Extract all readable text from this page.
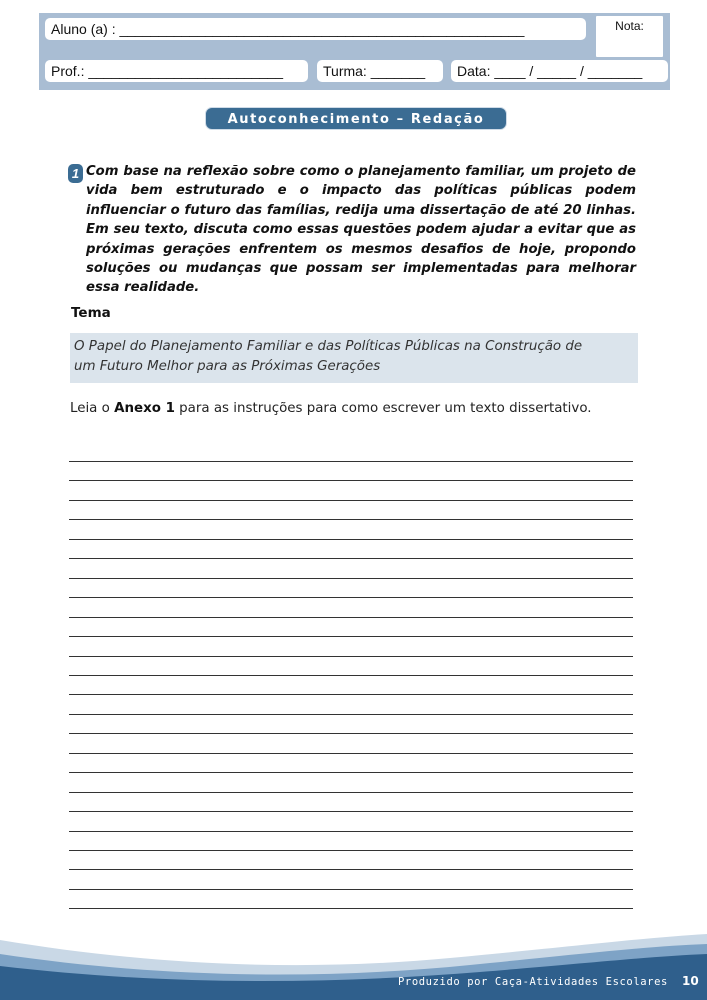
Aluno (a) : ____________________________________________________	Nota:
Prof.: _________________________	Turma: _______	Data: ____ / _____ / _______
Autoconhecimento – Redação
1 Com base na reflexão sobre como o planejamento familiar, um projeto de vida bem estruturado e o impacto das políticas públicas podem influenciar o futuro das famílias, redija uma dissertação de até 20 linhas. Em seu texto, discuta como essas questões podem ajudar a evitar que as próximas gerações enfrentem os mesmos desafios de hoje, propondo soluções ou mudanças que possam ser implementadas para melhorar essa realidade.

Tema
O Papel do Planejamento Familiar e das Políticas Públicas na Construção de
um Futuro Melhor para as Próximas Gerações
Leia o Anexo 1 para as instruções para como escrever um texto dissertativo.
Produzido por Caça-Atividades Escolares 10
